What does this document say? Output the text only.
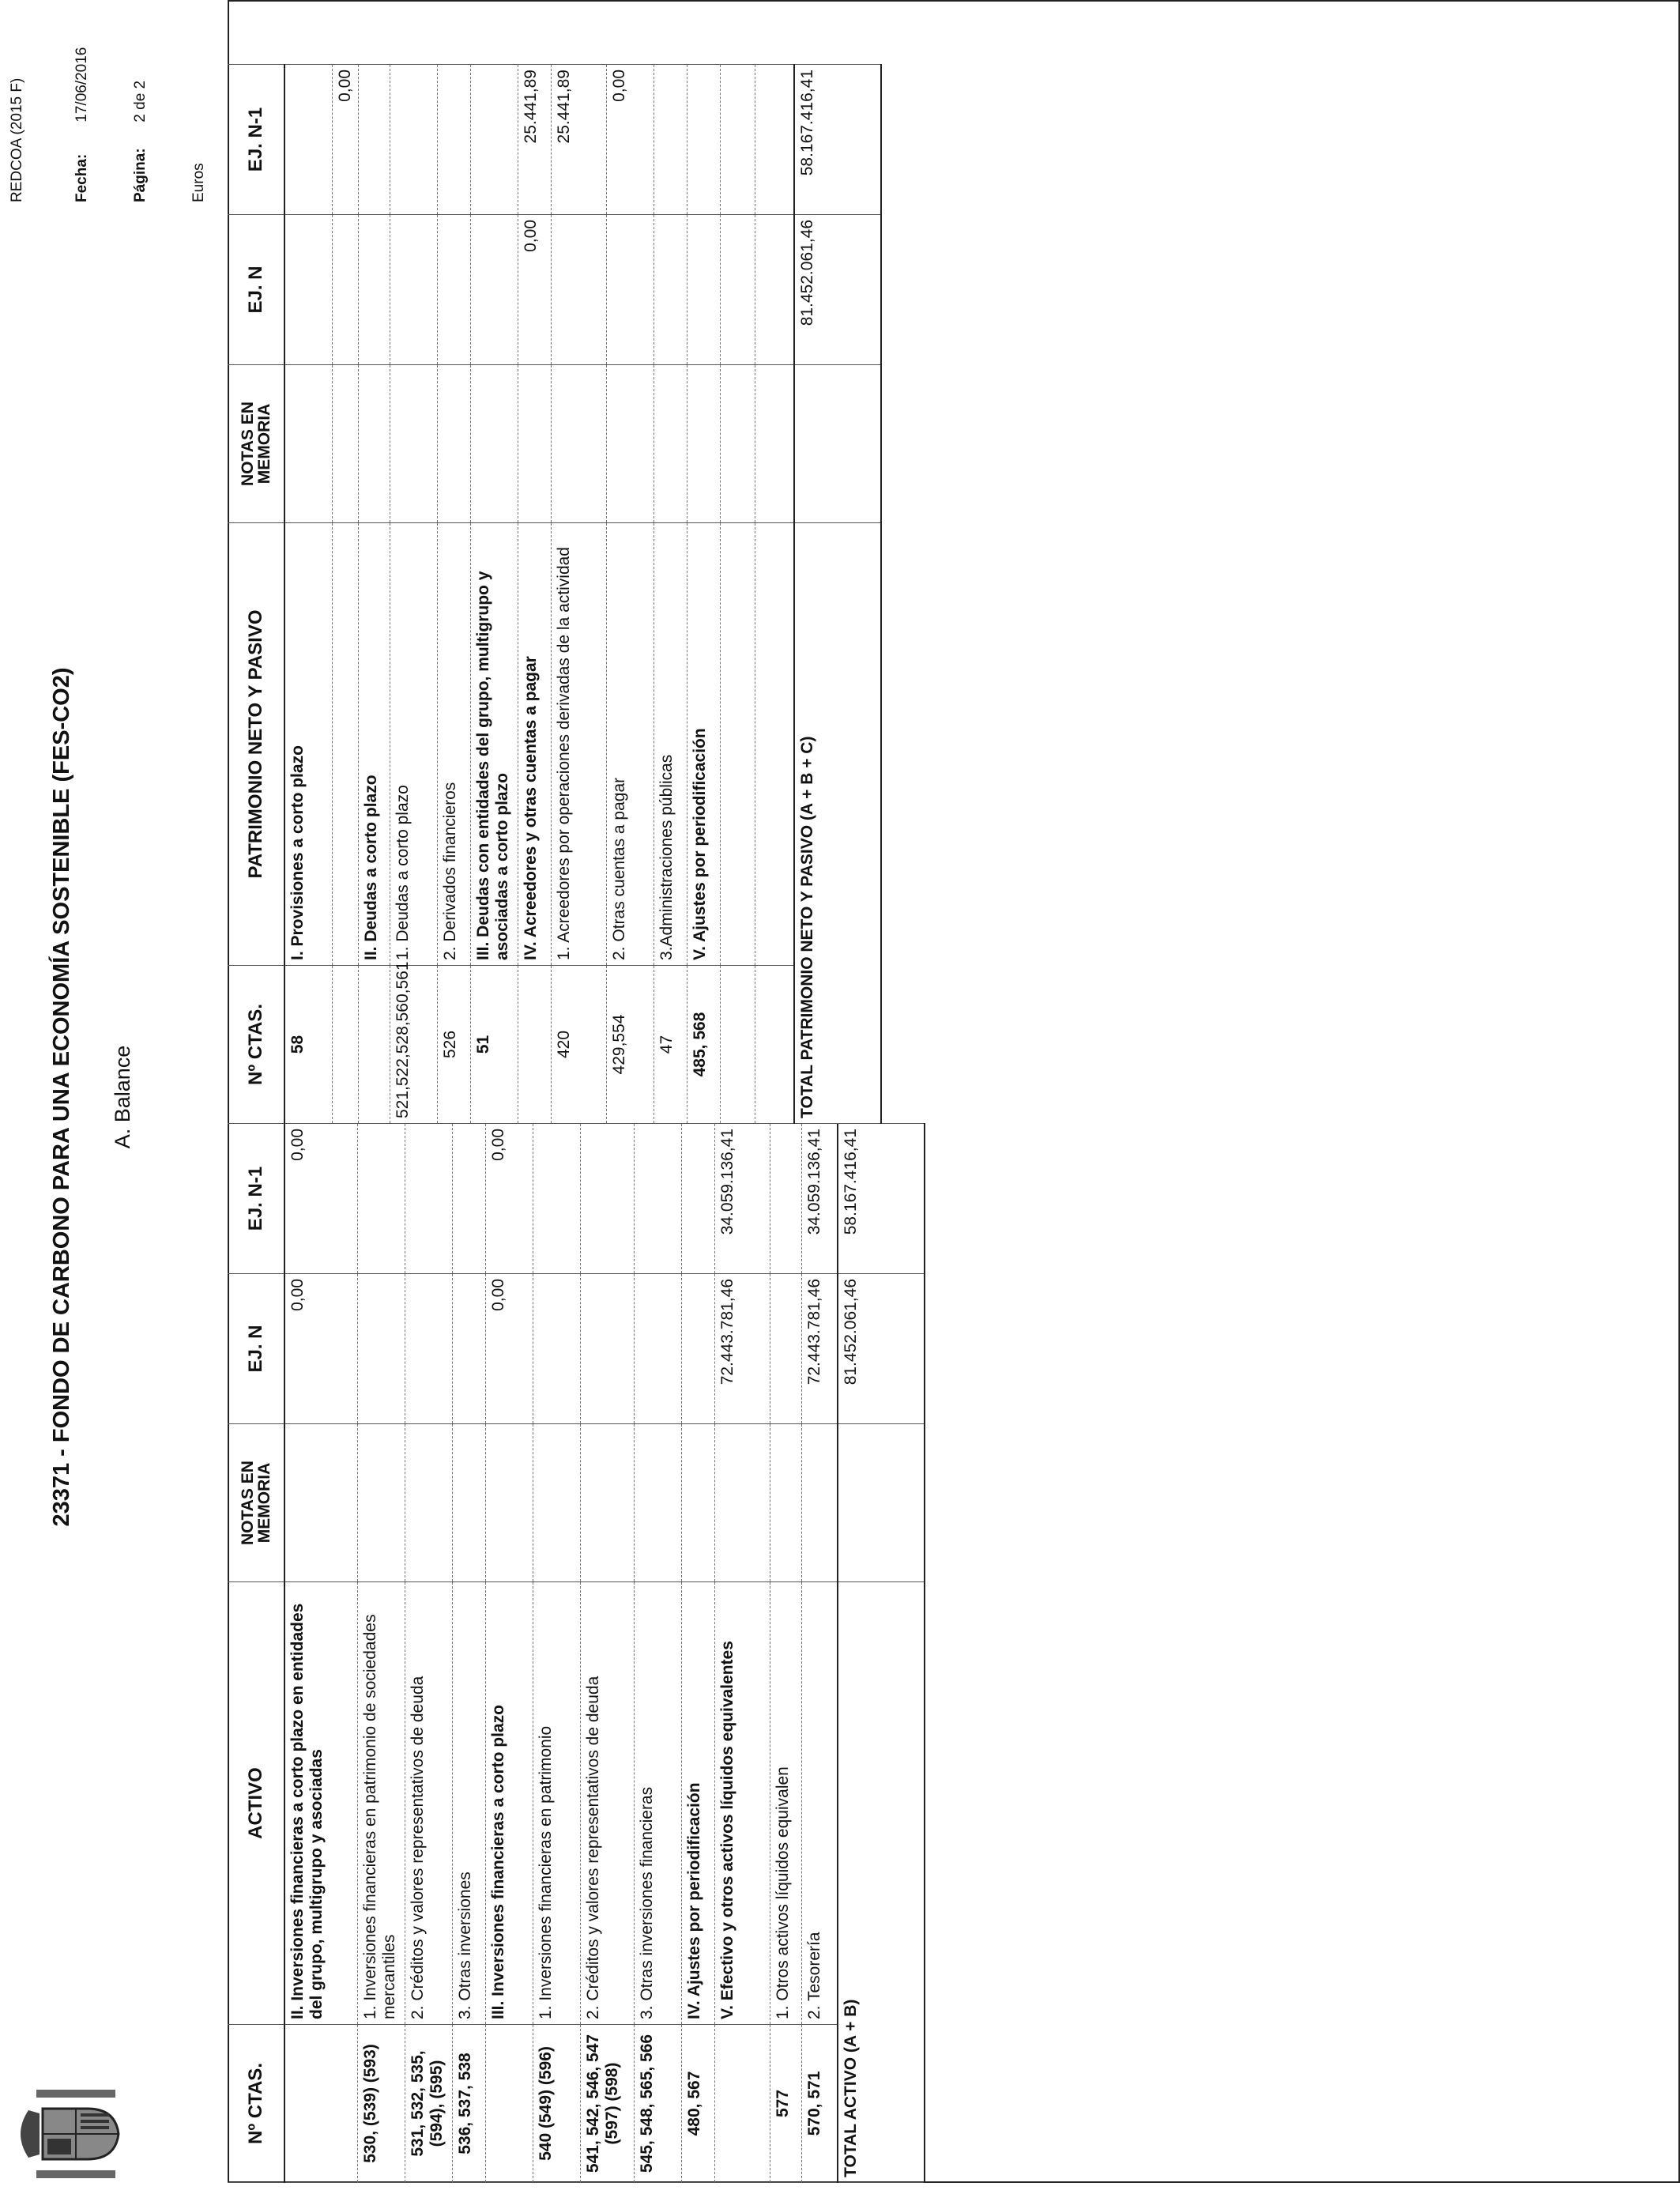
23371 - FONDO DE CARBONO PARA UNA ECONOMÍA SOSTENIBLE (FES-CO2) A. Balance
REDCOA (2015 F)	Fecha: 17/06/2016
Página: 2 de 2
Euros
Nº CTAS.	ACTIVO	NOTAS EN MEMORIA	EJ. N	EJ. N-1
	II. Inversiones financieras a corto plazo en entidades del grupo, multigrupo y asociadas		0,00	0,00
530, (539) (593)	1. Inversiones financieras en patrimonio de sociedades mercantiles			
531, 532, 535, (594), (595)	2. Créditos y valores representativos de deuda			
536, 537, 538	3. Otras inversiones			
	III. Inversiones financieras a corto plazo		0,00	0,00
540 (549) (596)	1. Inversiones financieras en patrimonio			
541, 542, 546, 547 (597) (598)	2. Créditos y valores representativos de deuda			
545, 548, 565, 566	3. Otras inversiones financieras			
480, 567	IV. Ajustes por periodificación			
	V. Efectivo y otros activos líquidos equivalentes		72.443.781,46	34.059.136,41
577	1. Otros activos líquidos equivalen			
570, 571	2. Tesorería		72.443.781,46	34.059.136,41
TOTAL ACTIVO (A + B)			81.452.061,46	58.167.416,41
Nº CTAS.	PATRIMONIO NETO Y PASIVO	NOTAS EN MEMORIA	EJ. N	EJ. N-1
58	I. Provisiones a corto plazo			
				0,00
	II. Deudas a corto plazo			
521,522,528,560,561	1. Deudas a corto plazo			
526	2. Derivados financieros			
51	III. Deudas con entidades del grupo, multigrupo y asociadas a corto plazo			
	IV. Acreedores y otras cuentas a pagar		0,00	25.441,89
420	1. Acreedores por operaciones derivadas de la actividad			25.441,89
429,554	2. Otras cuentas a pagar			0,00
47	3.Administraciones públicas			
485, 568	V. Ajustes por periodificación			

TOTAL PATRIMONIO NETO Y PASIVO (A + B + C)			81.452.061,46	58.167.416,41
